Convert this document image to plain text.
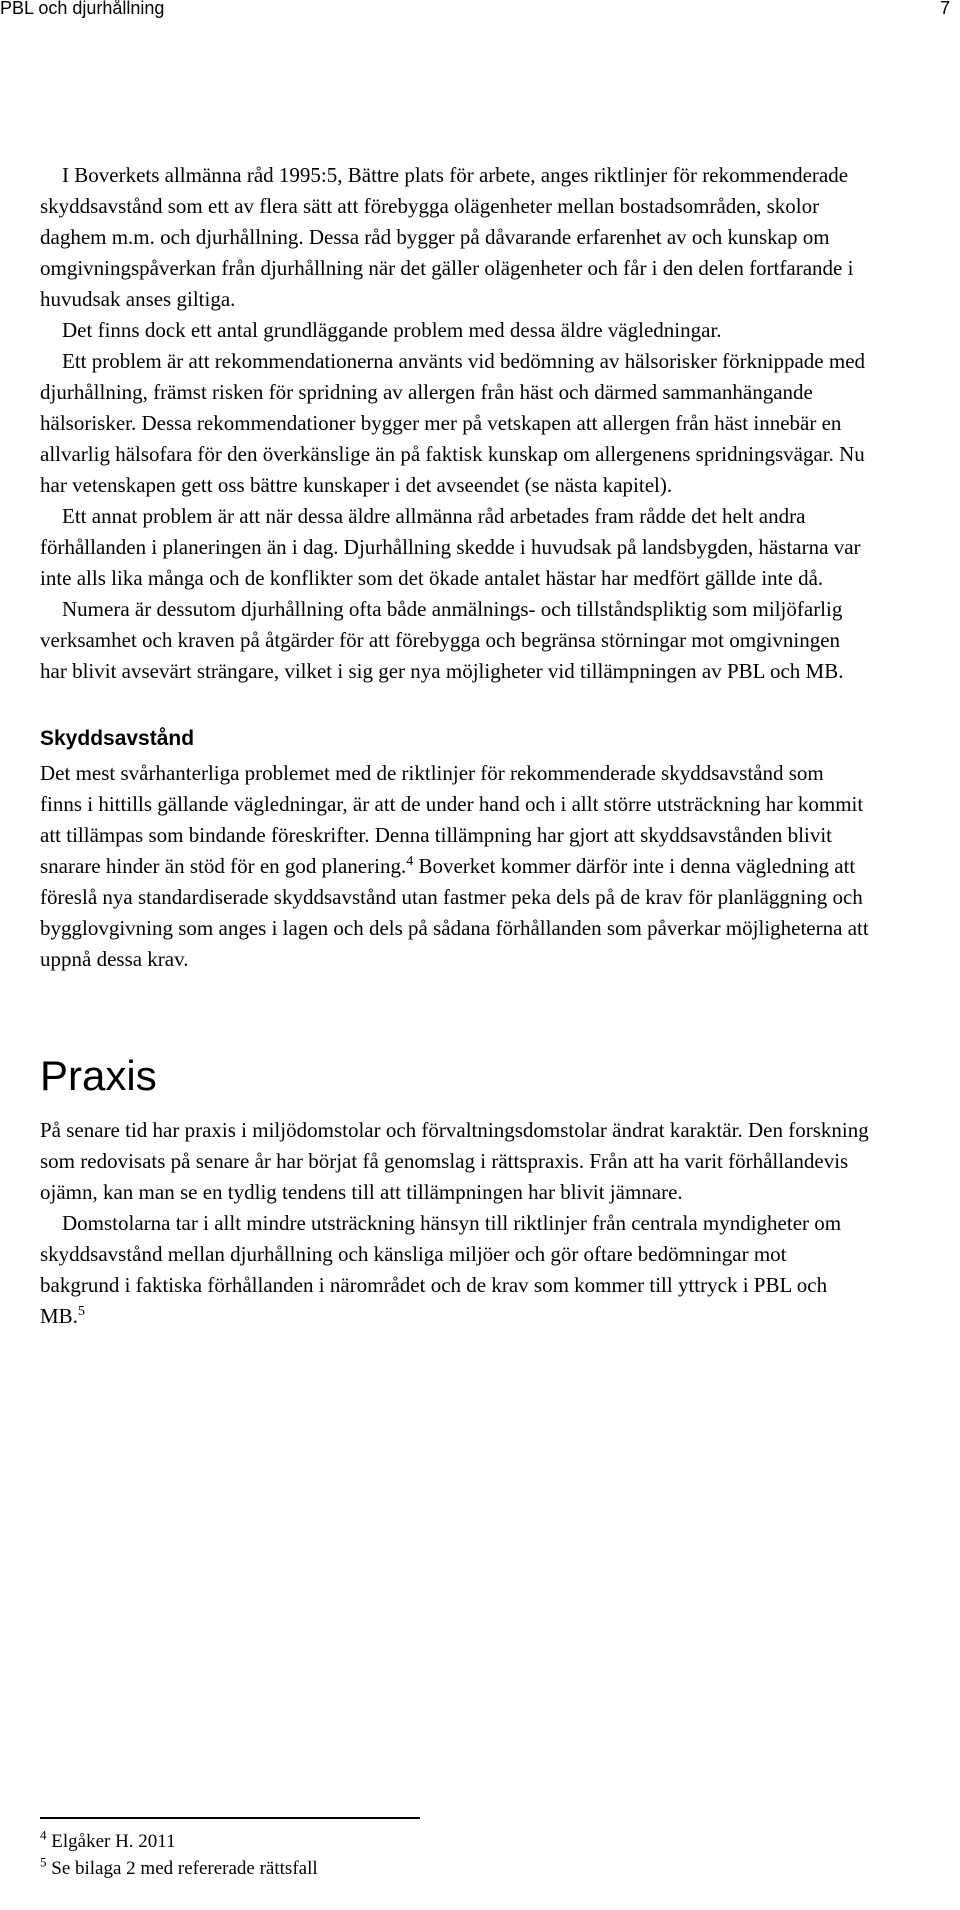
PBL och djurhållning	7

I Boverkets allmänna råd 1995:5, Bättre plats för arbete, anges riktlinjer för rekommenderade skyddsavstånd som ett av flera sätt att förebygga olägenheter mellan bostadsområden, skolor daghem m.m. och djurhållning. Dessa råd bygger på dåvarande erfarenhet av och kunskap om omgivningspåverkan från djurhållning när det gäller olägenheter och får i den delen fortfarande i huvudsak anses giltiga.

Det finns dock ett antal grundläggande problem med dessa äldre vägledningar.

Ett problem är att rekommendationerna använts vid bedömning av hälsorisker förknippade med djurhållning, främst risken för spridning av allergen från häst och därmed sammanhängande hälsorisker. Dessa rekommendationer bygger mer på vetskapen att allergen från häst innebär en allvarlig hälsofara för den överkänslige än på faktisk kunskap om allergenens spridningsvägar. Nu har vetenskapen gett oss bättre kunskaper i det avseendet (se nästa kapitel).

Ett annat problem är att när dessa äldre allmänna råd arbetades fram rådde det helt andra förhållanden i planeringen än i dag. Djurhållning skedde i huvudsak på landsbygden, hästarna var inte alls lika många och de konflikter som det ökade antalet hästar har medfört gällde inte då.

Numera är dessutom djurhållning ofta både anmälnings- och tillståndspliktig som miljöfarlig verksamhet och kraven på åtgärder för att förebygga och begränsa störningar mot omgivningen har blivit avsevärt strängare, vilket i sig ger nya möjligheter vid tillämpningen av PBL och MB.

Skyddsavstånd

Det mest svårhanterliga problemet med de riktlinjer för rekommenderade skyddsavstånd som finns i hittills gällande vägledningar, är att de under hand och i allt större utsträckning har kommit att tillämpas som bindande föreskrifter. Denna tillämpning har gjort att skyddsavstånden blivit snarare hinder än stöd för en god planering.$^4$ Boverket kommer därför inte i denna vägledning att föreslå nya standardiserade skyddsavstånd utan fastmer peka dels på de krav för planläggning och bygglovgivning som anges i lagen och dels på sådana förhållanden som påverkar möjligheterna att uppnå dessa krav.

Praxis

På senare tid har praxis i miljödomstolar och förvaltningsdomstolar ändrat karaktär. Den forskning som redovisats på senare år har börjat få genomslag i rättspraxis. Från att ha varit förhållandevis ojämn, kan man se en tydlig tendens till att tillämpningen har blivit jämnare.

Domstolarna tar i allt mindre utsträckning hänsyn till riktlinjer från centrala myndigheter om skyddsavstånd mellan djurhållning och känsliga miljöer och gör oftare bedömningar mot bakgrund i faktiska förhållanden i närområdet och de krav som kommer till yttryck i PBL och MB.$^5$

$^4$ Elgåker H. 2011

$^5$ Se bilaga 2 med refererade rättsfall
